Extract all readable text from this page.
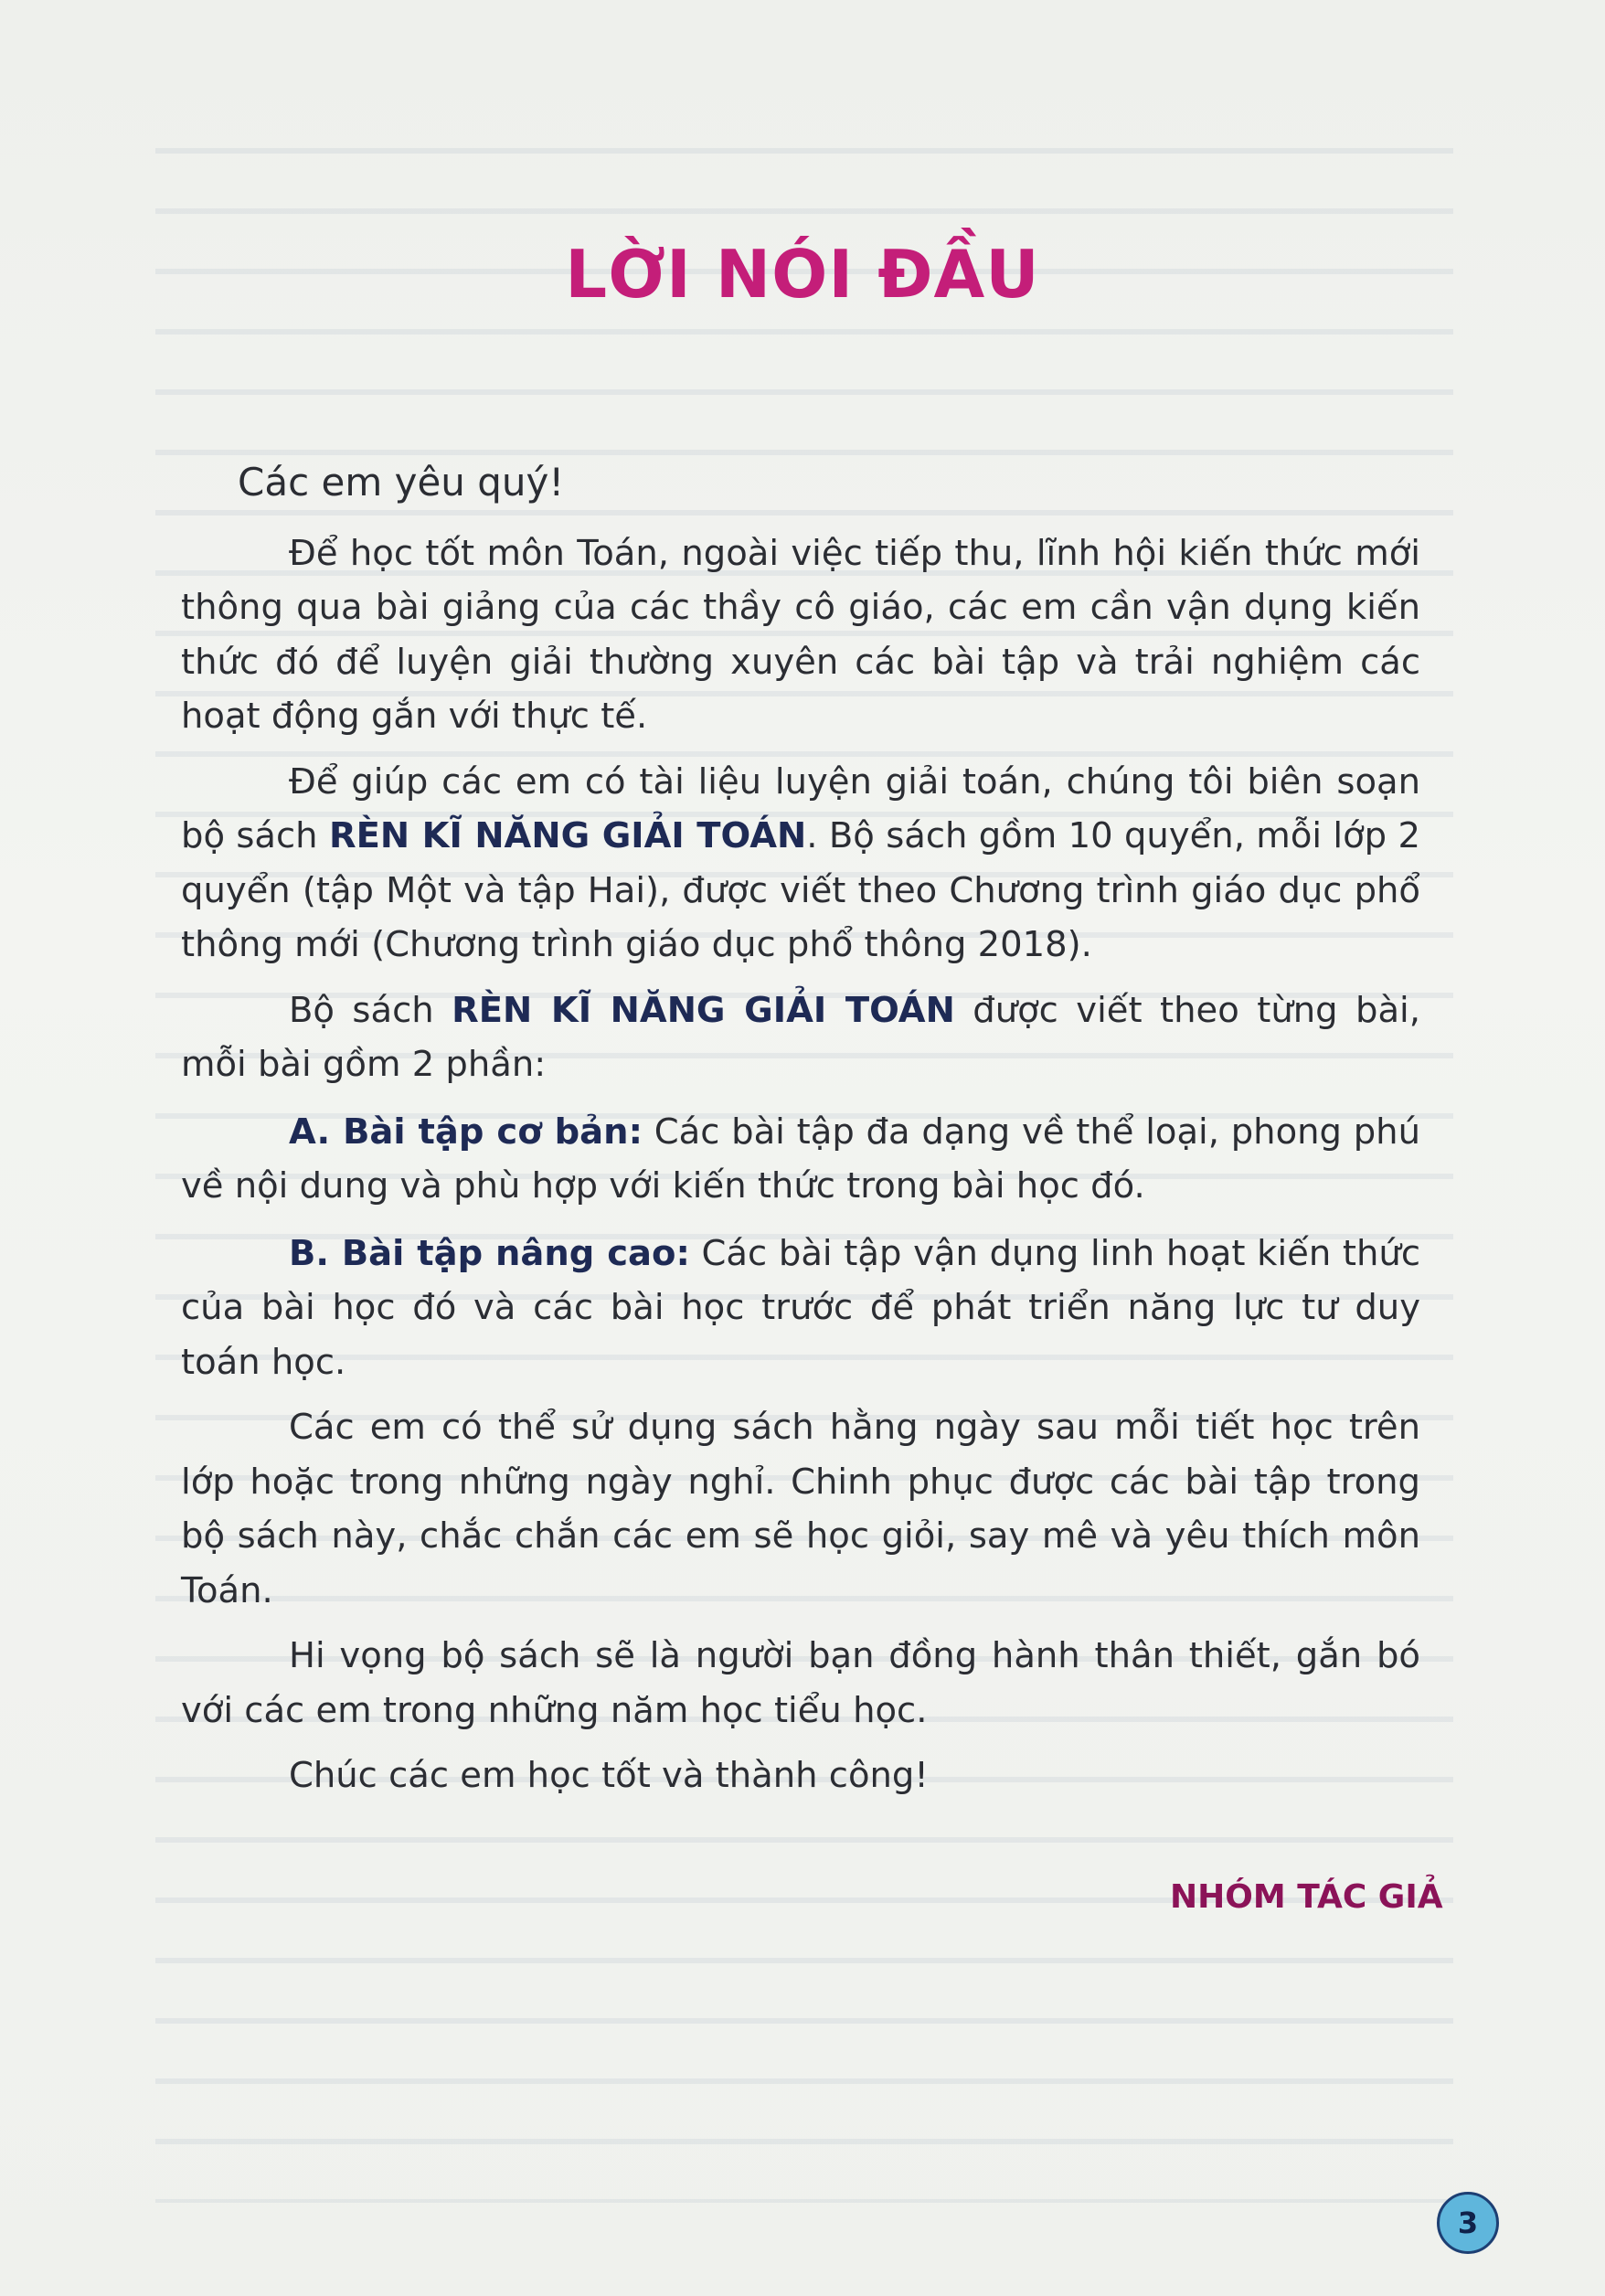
LỜI NÓI ĐẦU
Các em yêu quý!

Để học tốt môn Toán, ngoài việc tiếp thu, lĩnh hội kiến thức mới thông qua bài giảng của các thầy cô giáo, các em cần vận dụng kiến thức đó để luyện giải thường xuyên các bài tập và trải nghiệm các hoạt động gắn với thực tế.

Để giúp các em có tài liệu luyện giải toán, chúng tôi biên soạn bộ sách RÈN KĨ NĂNG GIẢI TOÁN. Bộ sách gồm 10 quyển, mỗi lớp 2 quyển (tập Một và tập Hai), được viết theo Chương trình giáo dục phổ thông mới (Chương trình giáo dục phổ thông 2018).

Bộ sách RÈN KĨ NĂNG GIẢI TOÁN được viết theo từng bài, mỗi bài gồm 2 phần:

A. Bài tập cơ bản: Các bài tập đa dạng về thể loại, phong phú về nội dung và phù hợp với kiến thức trong bài học đó.

B. Bài tập nâng cao: Các bài tập vận dụng linh hoạt kiến thức của bài học đó và các bài học trước để phát triển năng lực tư duy toán học.

Các em có thể sử dụng sách hằng ngày sau mỗi tiết học trên lớp hoặc trong những ngày nghỉ. Chinh phục được các bài tập trong bộ sách này, chắc chắn các em sẽ học giỏi, say mê và yêu thích môn Toán.

Hi vọng bộ sách sẽ là người bạn đồng hành thân thiết, gắn bó với các em trong những năm học tiểu học.

Chúc các em học tốt và thành công!

NHÓM TÁC GIẢ
3
